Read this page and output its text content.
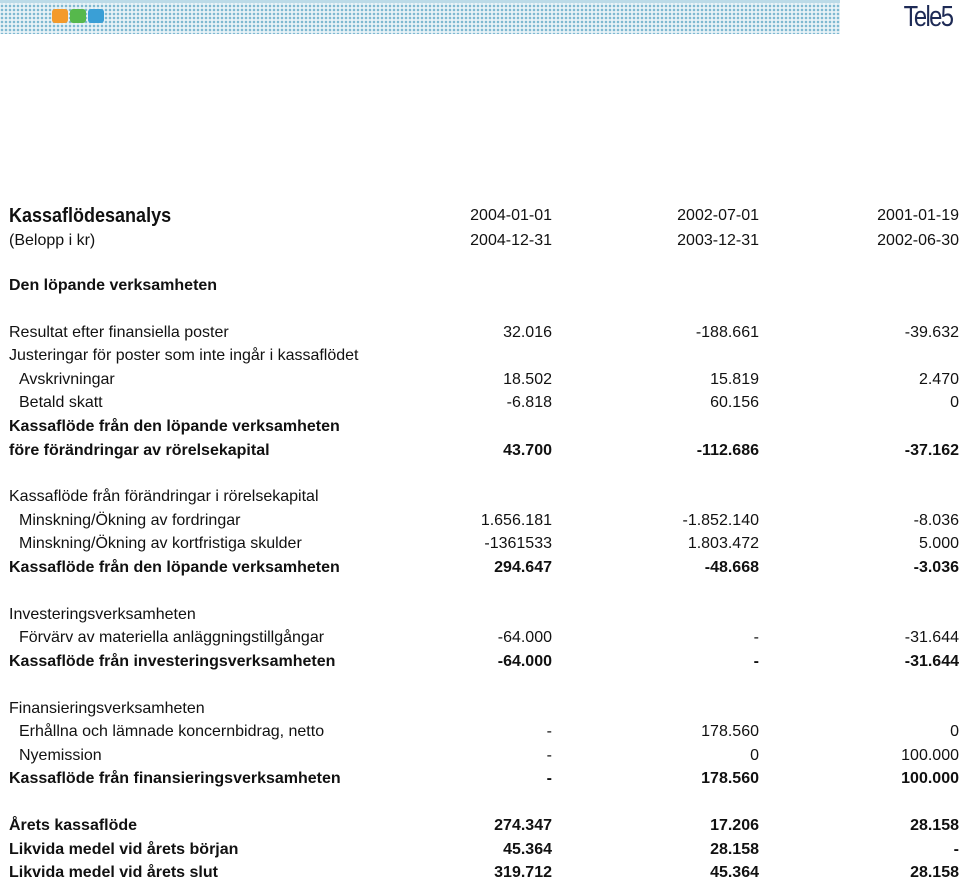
Tele5
Kassaflödesanalys	2004-01-01	2002-07-01	2001-01-19
(Belopp i kr)	2004-12-31	2003-12-31	2002-06-30
Den löpande verksamheten
Resultat efter finansiella poster	32.016	-188.661	-39.632
Justeringar för poster som inte ingår i kassaflödet
Avskrivningar	18.502	15.819	2.470
Betald skatt	-6.818	60.156	0
Kassaflöde från den löpande verksamheten
före förändringar av rörelsekapital	43.700	-112.686	-37.162
Kassaflöde från förändringar i rörelsekapital
Minskning/Ökning av fordringar	1.656.181	-1.852.140	-8.036
Minskning/Ökning av kortfristiga skulder	-1361533	1.803.472	5.000
Kassaflöde från den löpande verksamheten	294.647	-48.668	-3.036
Investeringsverksamheten
Förvärv av materiella anläggningstillgångar	-64.000	-	-31.644
Kassaflöde från investeringsverksamheten	-64.000	-	-31.644
Finansieringsverksamheten
Erhållna och lämnade koncernbidrag, netto	-	178.560	0
Nyemission	-	0	100.000
Kassaflöde från finansieringsverksamheten	-	178.560	100.000
Årets kassaflöde	274.347	17.206	28.158
Likvida medel vid årets början	45.364	28.158	-
Likvida medel vid årets slut	319.712	45.364	28.158
